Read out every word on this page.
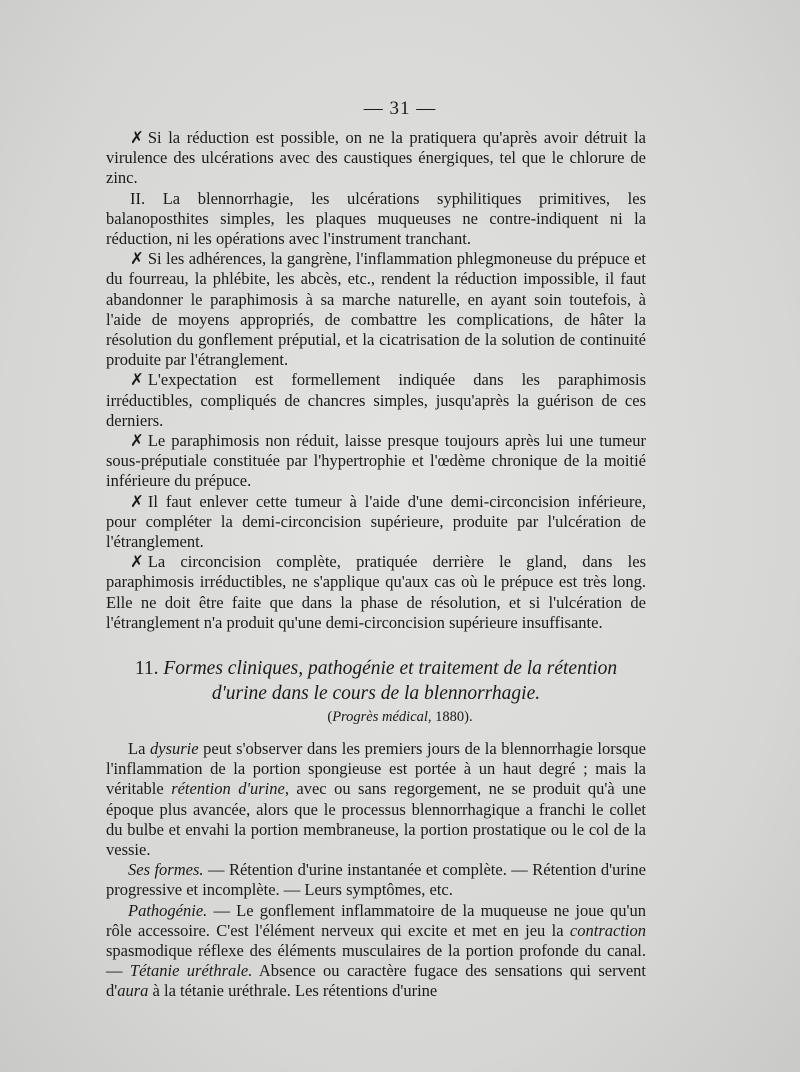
— 31 —

✗ Si la réduction est possible, on ne la pratiquera qu'après avoir détruit la virulence des ulcérations avec des caustiques énergiques, tel que le chlorure de zinc.

II. La blennorrhagie, les ulcérations syphilitiques primitives, les balanoposthites simples, les plaques muqueuses ne contre-indiquent ni la réduction, ni les opérations avec l'instrument tranchant.

✗ Si les adhérences, la gangrène, l'inflammation phlegmoneuse du prépuce et du fourreau, la phlébite, les abcès, etc., rendent la réduction impossible, il faut abandonner le paraphimosis à sa marche naturelle, en ayant soin toutefois, à l'aide de moyens appropriés, de combattre les complications, de hâter la résolution du gonflement préputial, et la cicatrisation de la solution de continuité produite par l'étranglement.

✗ L'expectation est formellement indiquée dans les paraphimosis irréductibles, compliqués de chancres simples, jusqu'après la guérison de ces derniers.

✗ Le paraphimosis non réduit, laisse presque toujours après lui une tumeur sous-préputiale constituée par l'hypertrophie et l'œdème chronique de la moitié inférieure du prépuce.

✗ Il faut enlever cette tumeur à l'aide d'une demi-circoncision inférieure, pour compléter la demi-circoncision supérieure, produite par l'ulcération de l'étranglement.

✗ La circoncision complète, pratiquée derrière le gland, dans les paraphimosis irréductibles, ne s'applique qu'aux cas où le prépuce est très long. Elle ne doit être faite que dans la phase de résolution, et si l'ulcération de l'étranglement n'a produit qu'une demi-circoncision supérieure insuffisante.

11. Formes cliniques, pathogénie et traitement de la rétention
d'urine dans le cours de la blennorrhagie.
(Progrès médical, 1880).

La dysurie peut s'observer dans les premiers jours de la blennorrhagie lorsque l'inflammation de la portion spongieuse est portée à un haut degré ; mais la véritable rétention d'urine, avec ou sans regorgement, ne se produit qu'à une époque plus avancée, alors que le processus blennorrhagique a franchi le collet du bulbe et envahi la portion membraneuse, la portion prostatique ou le col de la vessie.

Ses formes. — Rétention d'urine instantanée et complète. — Rétention d'urine progressive et incomplète. — Leurs symptômes, etc.

Pathogénie. — Le gonflement inflammatoire de la muqueuse ne joue qu'un rôle accessoire. C'est l'élément nerveux qui excite et met en jeu la contraction spasmodique réflexe des éléments musculaires de la portion profonde du canal. — Tétanie uréthrale. Absence ou caractère fugace des sensations qui servent d'aura à la tétanie uréthrale. Les rétentions d'urine
